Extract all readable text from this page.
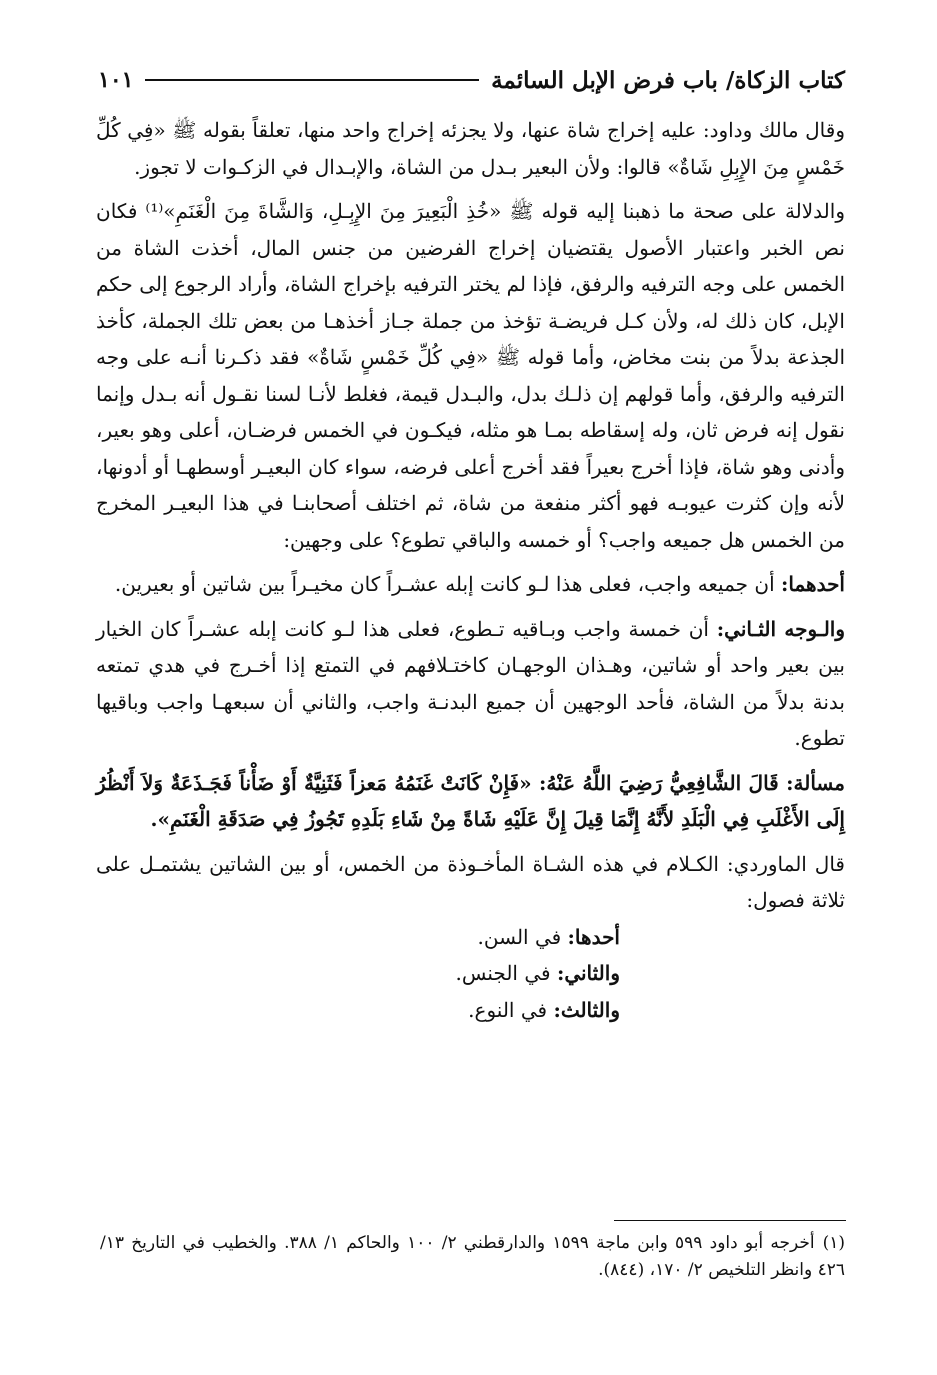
كتاب الزكاة/ باب فرض الإبل السائمة
١٠١

وقال مالك وداود: عليه إخراج شاة عنها، ولا يجزئه إخراج واحد منها، تعلقاً بقوله ﷺ «فِي كُلِّ خَمْسٍ مِنَ الإِبِلِ شَاةٌ» قالوا: ولأن البعير بـدل من الشاة، والإبـدال في الزكـوات لا تجوز.

والدلالة على صحة ما ذهبنا إليه قوله ﷺ «خُذِ الْبَعِيرَ مِنَ الإِبِـلِ، وَالشَّاةَ مِنَ الْغَنَمِ»⁽¹⁾ فكان نص الخبر واعتبار الأصول يقتضيان إخراج الفرضين من جنس المال، أخذت الشاة من الخمس على وجه الترفيه والرفق، فإذا لم يختر الترفيه بإخراج الشاة، وأراد الرجوع إلى حكم الإبل، كان ذلك له، ولأن كـل فريضـة تؤخذ من جملة جـاز أخذهـا من بعض تلك الجملة، كأخذ الجذعة بدلاً من بنت مخاض، وأما قوله ﷺ «فِي كُلِّ خَمْسٍ شَاةٌ» فقد ذكـرنا أنـه على وجه الترفيه والرفق، وأما قولهم إن ذلـك بدل، والبـدل قيمة، فغلط لأنـا لسنا نقـول أنه بـدل وإنما نقول إنه فرض ثان، وله إسقاطه بمـا هو مثله، فيكـون في الخمس فرضـان، أعلى وهو بعير، وأدنى وهو شاة، فإذا أخرج بعيراً فقد أخرج أعلى فرضه، سواء كان البعيـر أوسطهـا أو أدونها، لأنه وإن كثرت عيوبـه فهو أكثر منفعة من شاة، ثم اختلف أصحابنـا في هذا البعيـر المخرج من الخمس هل جميعه واجب؟ أو خمسه والباقي تطوع؟ على وجهين:

أحدهما: أن جميعه واجب، فعلى هذا لـو كانت إبله عشـراً كان مخيـراً بين شاتين أو بعيرين.

والـوجه الثـاني: أن خمسة واجب وبـاقيه تـطوع، فعلى هذا لـو كانت إبله عشـراً كان الخيار بين بعير واحد أو شاتين، وهـذان الوجهـان كاختـلافهم في التمتع إذا أخـرج في هدي تمتعه بدنة بدلاً من الشاة، فأحد الوجهين أن جميع البدنـة واجب، والثاني أن سبعهـا واجب وباقيها تطوع.

مسألة: قَالَ الشَّافِعِيُّ رَضِيَ اللَّهُ عَنْهُ: «فَإِنْ كَانَتْ غَنَمُهُ مَعزاً فَثَنِيَّةٌ أَوْ ضَأْناً فَجَـذَعَةٌ وَلاَ أَنْظُرُ إِلَى الأَغْلَبِ فِي الْبَلَدِ لأَنَّهُ إِنَّمَا قِيلَ إِنَّ عَلَيْهِ شَاةً مِنْ شَاءِ بَلَدِهِ تَجُوزُ فِي صَدَقَةِ الْغَنَمِ».

قال الماوردي: الكـلام في هذه الشـاة المأخـوذة من الخمس، أو بين الشاتين يشتمـل على ثلاثة فصول:

أحدها: في السن.

والثاني: في الجنس.

والثالث: في النوع.

(١)أخرجه أبو داود ٥٩٩ وابن ماجة ١٥٩٩ والدارقطني ٢/ ١٠٠ والحاكم ١/ ٣٨٨. والخطيب في التاريخ ١٣/ ٤٢٦ وانظر التلخيص ٢/ ١٧٠، (٨٤٤).
